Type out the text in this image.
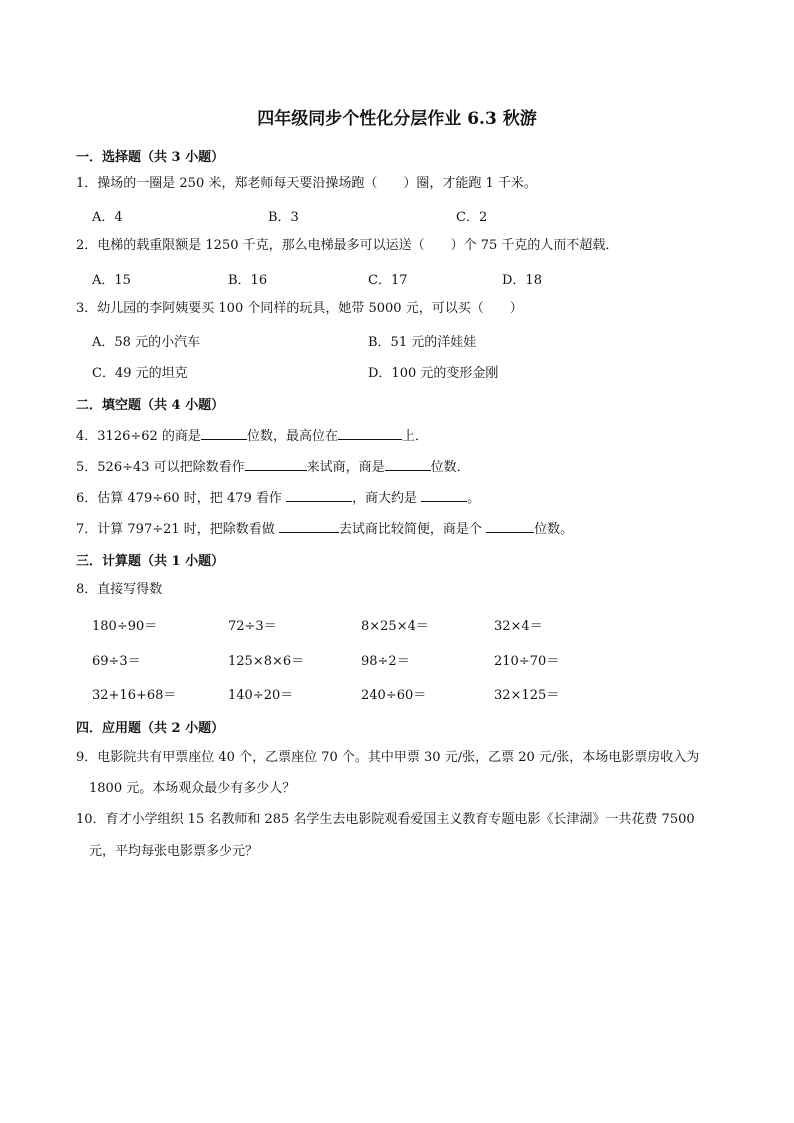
四年级同步个性化分层作业 6.3 秋游
一．选择题（共 3 小题）
1．操场的一圈是 250 米，郑老师每天要沿操场跑（　　）圈，才能跑 1 千米。
A．4	B．3	C．2
2．电梯的载重限额是 1250 千克，那么电梯最多可以运送（　　）个 75 千克的人而不超载．
A．15	B．16	C．17	D．18
3．幼儿园的李阿姨要买 100 个同样的玩具，她带 5000 元，可以买（　　）
A．58 元的小汽车	B．51 元的洋娃娃
C．49 元的坦克	D．100 元的变形金刚
二．填空题（共 4 小题）
4．3126÷62 的商是	位数，最高位在	上．
5．526÷43 可以把除数看作	来试商，商是	位数．
6．估算 479÷60 时，把 479 看作	，商大约是	。
7．计算 797÷21 时，把除数看做	去试商比较简便，商是个	位数。
三．计算题（共 1 小题）
8．直接写得数
180÷90＝	72÷3＝	8×25×4＝	32×4＝
69÷3＝	125×8×6＝	98÷2＝	210÷70＝
32+16+68＝	140÷20＝	240÷60＝	32×125＝
四．应用题（共 2 小题）
9．电影院共有甲票座位 40 个，乙票座位 70 个。其中甲票 30 元/张，乙票 20 元/张，本场电影票房收入为
1800 元。本场观众最少有多少人？
10．育才小学组织 15 名教师和 285 名学生去电影院观看爱国主义教育专题电影《长津湖》一共花费 7500
元，平均每张电影票多少元？
